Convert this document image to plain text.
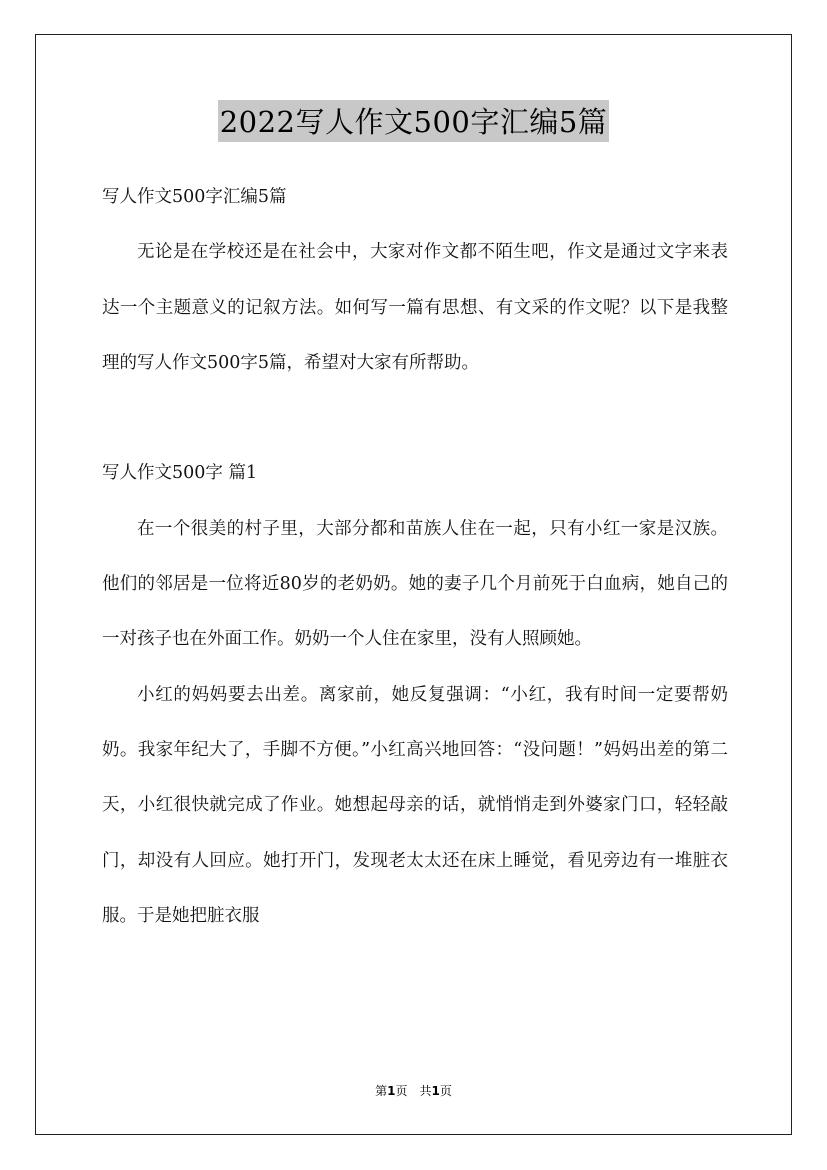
2022写人作文500字汇编5篇

写人作文500字汇编5篇

无论是在学校还是在社会中，大家对作文都不陌生吧，作文是通过文字来表达一个主题意义的记叙方法。如何写一篇有思想、有文采的作文呢？以下是我整理的写人作文500字5篇，希望对大家有所帮助。

写人作文500字 篇1

在一个很美的村子里，大部分都和苗族人住在一起，只有小红一家是汉族。他们的邻居是一位将近80岁的老奶奶。她的妻子几个月前死于白血病，她自己的一对孩子也在外面工作。奶奶一个人住在家里，没有人照顾她。

小红的妈妈要去出差。离家前，她反复强调：“小红，我有时间一定要帮奶奶。我家年纪大了，手脚不方便。”小红高兴地回答：“没问题！”妈妈出差的第二天，小红很快就完成了作业。她想起母亲的话，就悄悄走到外婆家门口，轻轻敲门，却没有人回应。她打开门，发现老太太还在床上睡觉，看见旁边有一堆脏衣服。于是她把脏衣服

第1页　共1页
